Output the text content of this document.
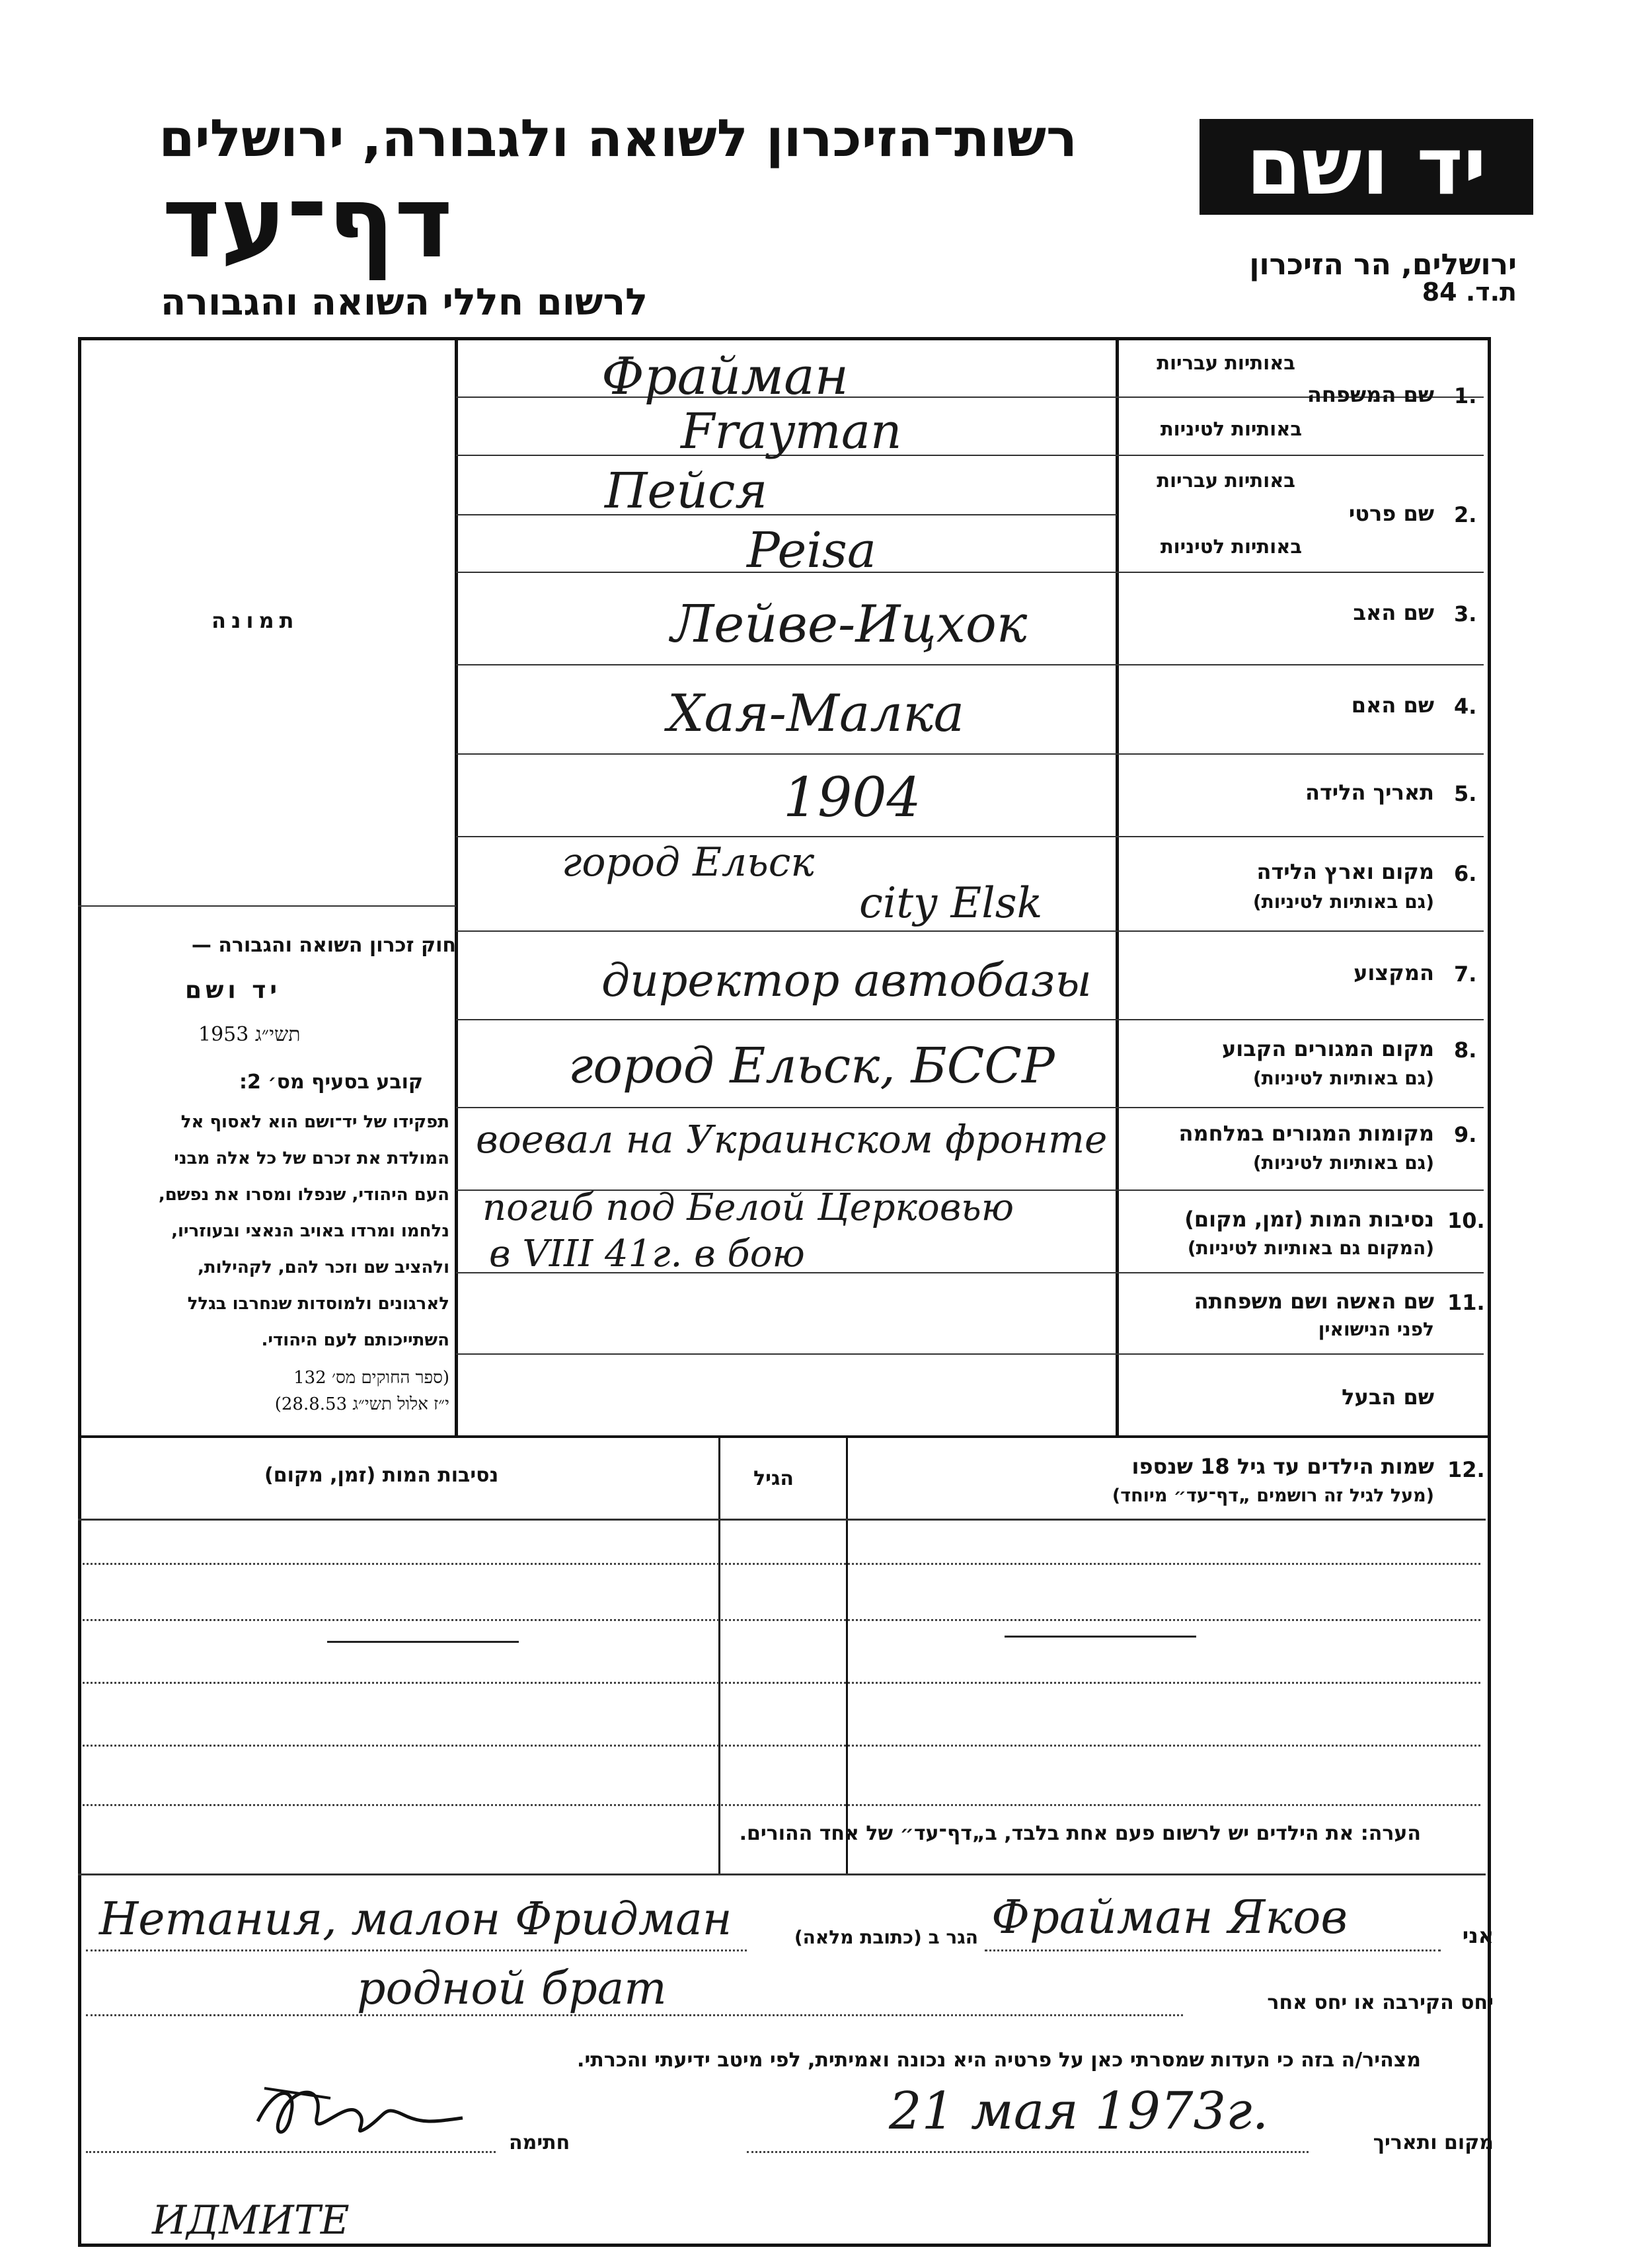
רשות־הזיכרון לשואה ולגבורה, ירושלים
דף־עד
לרשום חללי השואה והגבורה
יד ושם
ירושלים, הר הזיכרון
ת.ד. 84
תמונה
באותיות עבריות
1.
שם המשפחה
באותיות לטיניות
באותיות עבריות
2.
שם פרטי
באותיות לטיניות
3.
שם האב
4.
שם האם
5.
תאריך הלידה
6.
מקום וארץ הלידה
(גם באותיות לטיניות)
7.
המקצוע
8.
מקום המגורים הקבוע
(גם באותיות לטיניות)
9.
מקומות המגורים במלחמה
(גם באותיות לטיניות)
10.
נסיבות המות (זמן, מקום)
(המקום גם באותיות לטיניות)
11.
שם האשה ושם משפחתה
לפני הנישואין
שם הבעל
Фрайман
Frayman
Пейся
Peisa
Лейве-Ицхок
Хая-Малка
1904
город Ельск
city Elsk
директор автобазы
город Ельск, БССР
воевал на Украинском фронте
погиб под Белой Церковью
в VIII 41г. в бою
חוק זכרון השואה והגבורה —
יד ושם
תשי״ג 1953
קובע בסעיף מס׳ 2:
תפקידו של יד־ושם הוא לאסוף אל
המולדת את זכרם של כל אלה מבני
העם היהודי, שנפלו ומסרו את נפשם,
נלחמו ומרדו באויב הנאצי ובעוזריו,
ולהציב שם וזכר להם, לקהילות,
לארגונים ולמוסדות שנחרבו בגלל
השתייכותם לעם היהודי.
(ספר החוקים מס׳ 132
י״ז אלול תשי״ג 28.8.53)
12.
שמות הילדים עד גיל 18 שנספו
(מעל לגיל זה רושמים „דף־עד״ מיוחד)
הגיל
נסיבות המות (זמן, מקום)
הערה: את הילדים יש לרשום פעם אחת בלבד, ב„דף־עד״ של אחד ההורים.
אני
Фрайман Яков
הגר ב (כתובת מלאה)
Нетания, малон Фридман
יחס הקירבה או יחס אחר
родной брат
מצהיר/ה בזה כי העדות שמסרתי כאן על פרטיה היא נכונה ואמיתית, לפי מיטב ידיעתי והכרתי.
מקום ותאריך
21 мая 1973г.
חתימה
ИДМИТЕ
